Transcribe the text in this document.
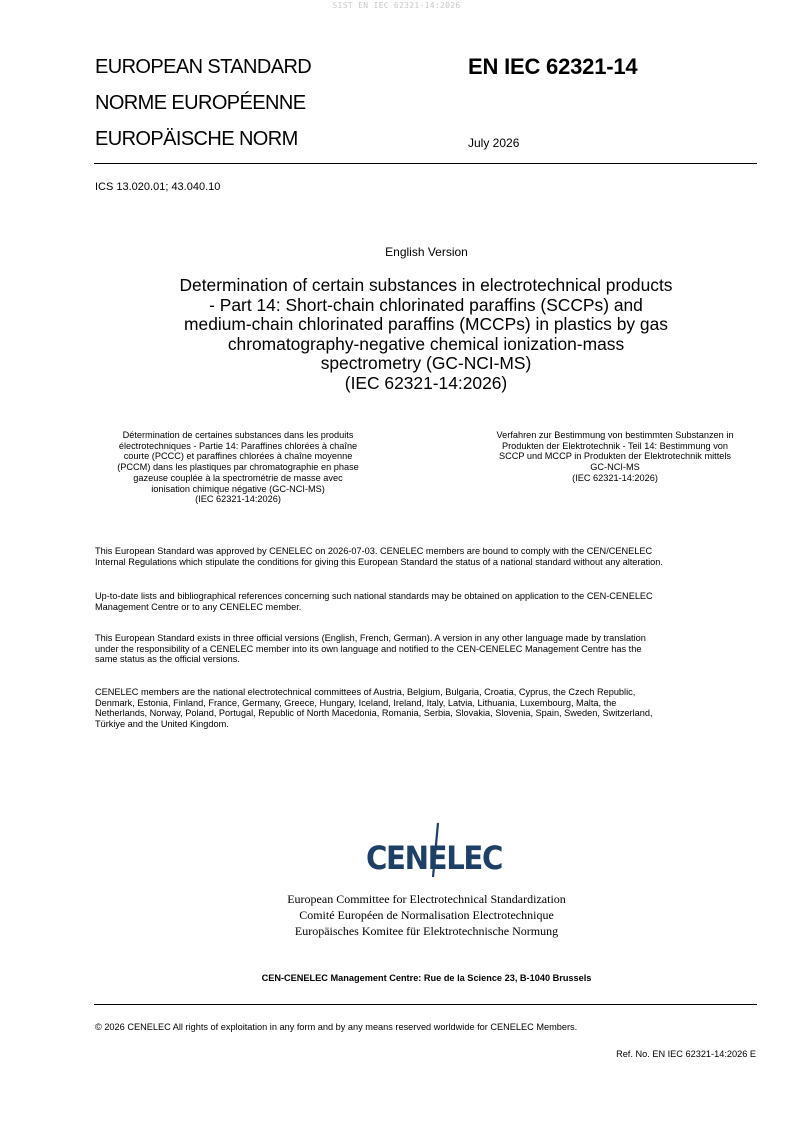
SIST EN IEC 62321-14:2026
EUROPEAN STANDARD
NORME EUROPÉENNE
EUROPÄISCHE NORM
EN IEC 62321-14
July 2026
ICS 13.020.01; 43.040.10
English Version
Determination of certain substances in electrotechnical products
- Part 14: Short-chain chlorinated paraffins (SCCPs) and
medium-chain chlorinated paraffins (MCCPs) in plastics by gas
chromatography-negative chemical ionization-mass
spectrometry (GC-NCI-MS)
(IEC 62321-14:2026)
Détermination de certaines substances dans les produits
électrotechniques - Partie 14: Paraffines chlorées à chaîne
courte (PCCC) et paraffines chlorées à chaîne moyenne
(PCCM) dans les plastiques par chromatographie en phase
gazeuse couplée à la spectrométrie de masse avec
ionisation chimique négative (GC-NCI-MS)
(IEC 62321-14:2026)
Verfahren zur Bestimmung von bestimmten Substanzen in
Produkten der Elektrotechnik - Teil 14: Bestimmung von
SCCP und MCCP in Produkten der Elektrotechnik mittels
GC-NCI-MS
(IEC 62321-14:2026)
This European Standard was approved by CENELEC on 2026-07-03. CENELEC members are bound to comply with the CEN/CENELEC
Internal Regulations which stipulate the conditions for giving this European Standard the status of a national standard without any alteration.
Up-to-date lists and bibliographical references concerning such national standards may be obtained on application to the CEN-CENELEC
Management Centre or to any CENELEC member.
This European Standard exists in three official versions (English, French, German). A version in any other language made by translation
under the responsibility of a CENELEC member into its own language and notified to the CEN-CENELEC Management Centre has the
same status as the official versions.
CENELEC members are the national electrotechnical committees of Austria, Belgium, Bulgaria, Croatia, Cyprus, the Czech Republic,
Denmark, Estonia, Finland, France, Germany, Greece, Hungary, Iceland, Ireland, Italy, Latvia, Lithuania, Luxembourg, Malta, the
Netherlands, Norway, Poland, Portugal, Republic of North Macedonia, Romania, Serbia, Slovakia, Slovenia, Spain, Sweden, Switzerland,
Türkiye and the United Kingdom.
CENELEC
European Committee for Electrotechnical Standardization
Comité Européen de Normalisation Electrotechnique
Europäisches Komitee für Elektrotechnische Normung
CEN-CENELEC Management Centre: Rue de la Science 23, B-1040 Brussels
© 2026 CENELEC All rights of exploitation in any form and by any means reserved worldwide for CENELEC Members.
Ref. No. EN IEC 62321-14:2026 E
